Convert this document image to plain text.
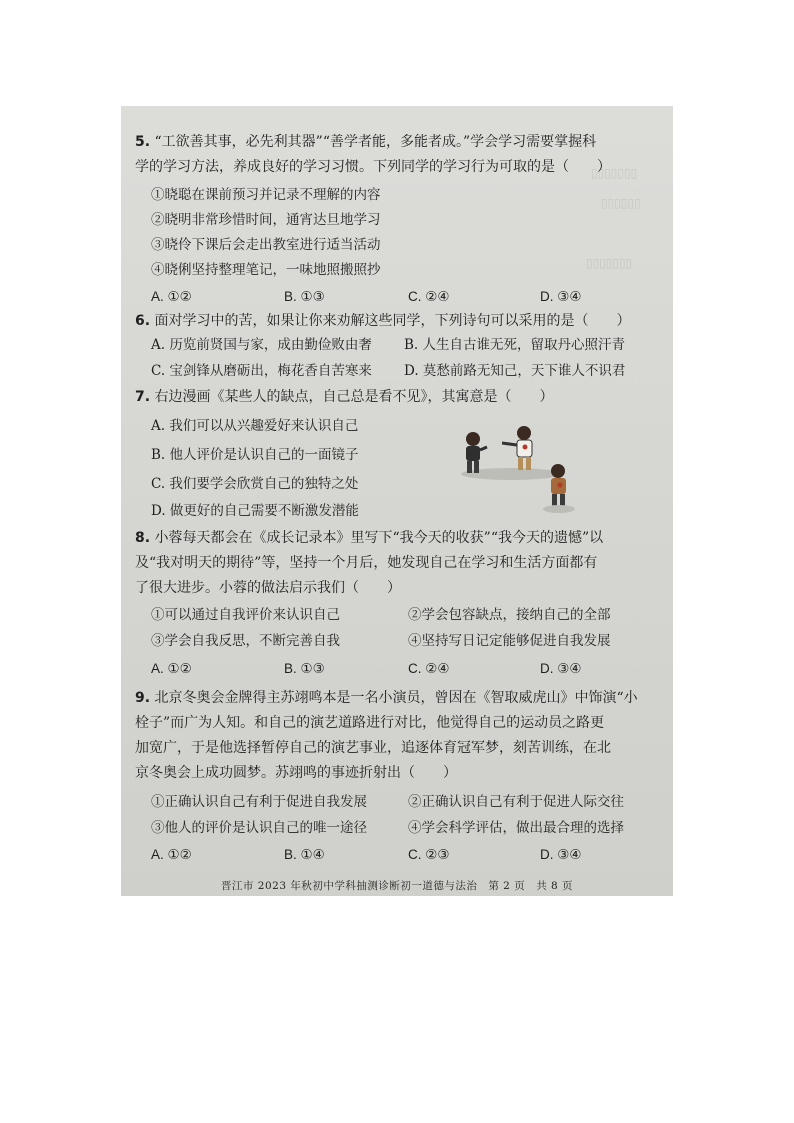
▯▯▯▯▯▯▯
▯▯▯▯▯▯
▯▯▯▯▯▯▯
5. “工欲善其事，必先利其器”“善学者能，多能者成。”学会学习需要掌握科
学的学习方法，养成良好的学习习惯。下列同学的学习行为可取的是（　　）
①晓聪在课前预习并记录不理解的内容
②晓明非常珍惜时间，通宵达旦地学习
③晓伶下课后会走出教室进行适当活动
④晓俐坚持整理笔记，一味地照搬照抄
A. ①②	B. ①③	C. ②④	D. ③④
6. 面对学习中的苦，如果让你来劝解这些同学，下列诗句可以采用的是（　　）
A. 历览前贤国与家，成由勤俭败由奢 B. 人生自古谁无死，留取丹心照汗青
C. 宝剑锋从磨砺出，梅花香自苦寒来 D. 莫愁前路无知己，天下谁人不识君
7. 右边漫画《某些人的缺点，自己总是看不见》，其寓意是（　　）
A. 我们可以从兴趣爱好来认识自己
B. 他人评价是认识自己的一面镜子
C. 我们要学会欣赏自己的独特之处
D. 做更好的自己需要不断激发潜能
8. 小蓉每天都会在《成长记录本》里写下“我今天的收获”“我今天的遗憾”以
及“我对明天的期待”等，坚持一个月后，她发现自己在学习和生活方面都有
了很大进步。小蓉的做法启示我们（　　）
①可以通过自我评价来认识自己	②学会包容缺点，接纳自己的全部
③学会自我反思，不断完善自我	④坚持写日记定能够促进自我发展
A. ①②	B. ①③	C. ②④	D. ③④
9. 北京冬奥会金牌得主苏翊鸣本是一名小演员，曾因在《智取威虎山》中饰演“小
栓子”而广为人知。和自己的演艺道路进行对比，他觉得自己的运动员之路更
加宽广，于是他选择暂停自己的演艺事业，追逐体育冠军梦，刻苦训练，在北
京冬奥会上成功圆梦。苏翊鸣的事迹折射出（　　）
①正确认识自己有利于促进自我发展	②正确认识自己有利于促进人际交往
③他人的评价是认识自己的唯一途径	④学会科学评估，做出最合理的选择
A. ①②	B. ①④	C. ②③	D. ③④
晋江市 2023 年秋初中学科抽测诊断初一道德与法治　第 2 页　共 8 页
